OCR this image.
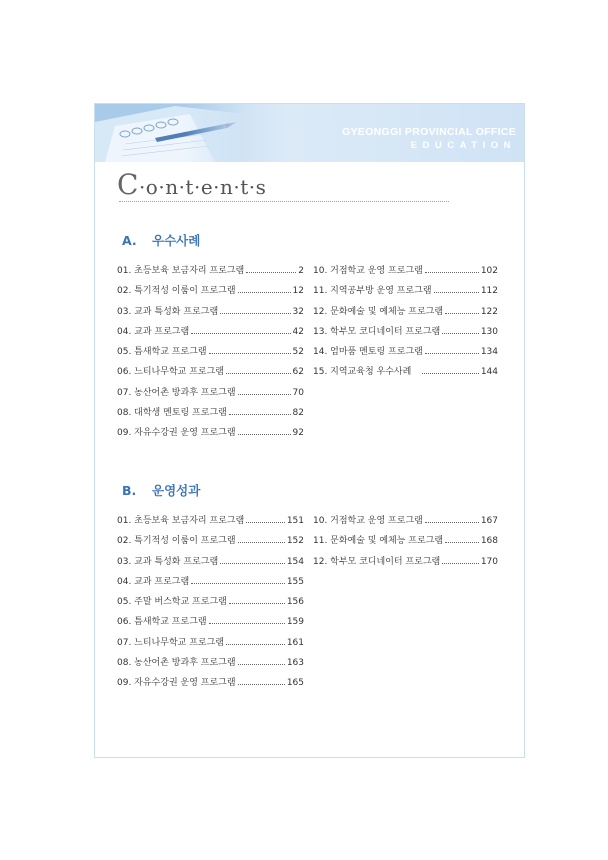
GYEONGGI PROVINCIAL OFFICE
EDUCATION
C·o·n·t·e·n·t·s
A. 우수사례
01. 초등보육 보금자리 프로그램	2
02. 특기적성 이룸이 프로그램	12
03. 교과 특성화 프로그램	32
04. 교과 프로그램	42
05. 틈새학교 프로그램	52
06. 느티나무학교 프로그램	62
07. 농산어촌 방과후 프로그램	70
08. 대학생 멘토링 프로그램	82
09. 자유수강권 운영 프로그램	92
10. 거점학교 운영 프로그램	102
11. 지역공부방 운영 프로그램	112
12. 문화예술 및 예체능 프로그램	122
13. 학부모 코디네이터 프로그램	130
14. 엄마품 멘토링 프로그램	134
15. 지역교육청 우수사례	144
B. 운영성과
01. 초등보육 보금자리 프로그램	151
02. 특기적성 이룸이 프로그램	152
03. 교과 특성화 프로그램	154
04. 교과 프로그램	155
05. 주말 버스학교 프로그램	156
06. 틈새학교 프로그램	159
07. 느티나무학교 프로그램	161
08. 농산어촌 방과후 프로그램	163
09. 자유수강권 운영 프로그램	165
10. 거점학교 운영 프로그램	167
11. 문화예술 및 예체능 프로그램	168
12. 학부모 코디네이터 프로그램	170
